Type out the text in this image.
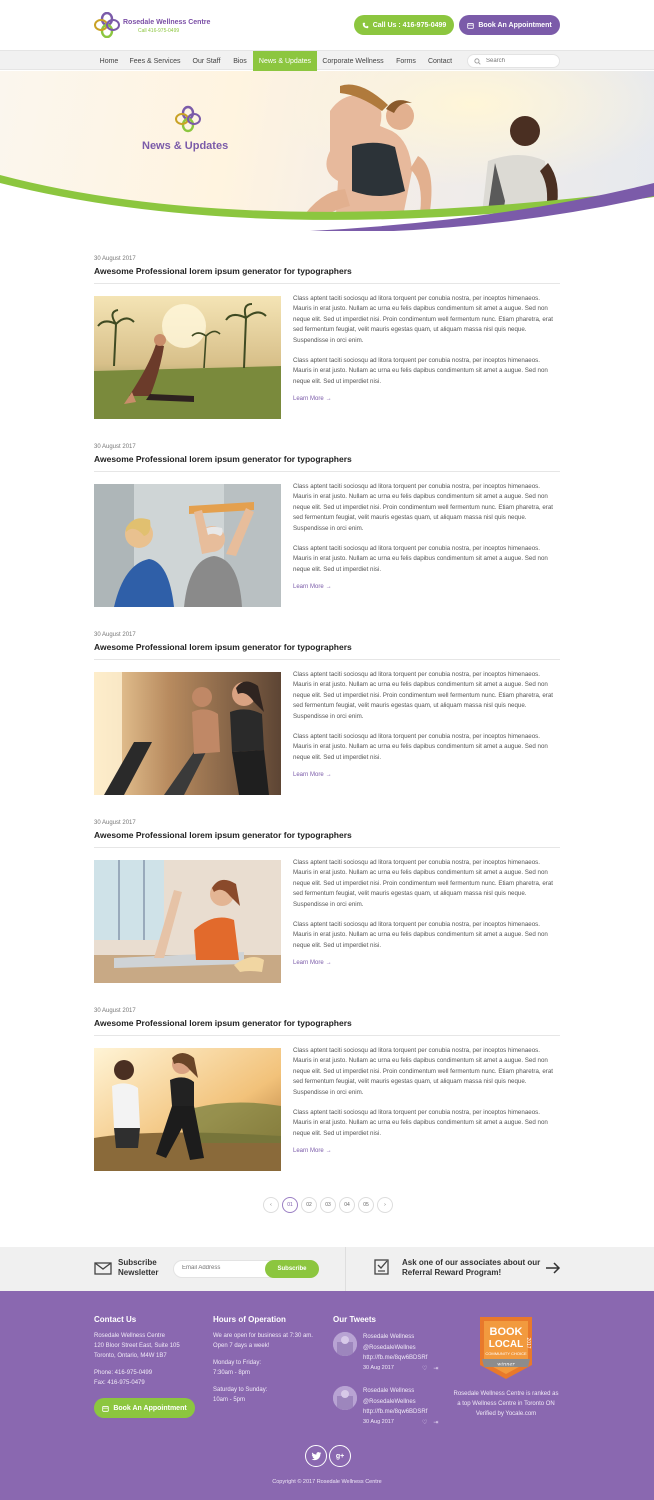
Rosedale Wellness Centre
Call 416-975-0499
Call Us : 416-975-0499	Book An Appointment
Home	Fees & Services	Our Staff	Bios	News & Updates	Corporate Wellness	Forms	Contact
Search
News & Updates
30 August 2017
Awesome Professional lorem ipsum generator for typographers

Class aptent taciti sociosqu ad litora torquent per conubia nostra, per inceptos himenaeos. Mauris in erat justo. Nullam ac urna eu felis dapibus condimentum sit amet a augue. Sed non neque elit. Sed ut imperdiet nisi. Proin condimentum well fermentum nunc. Etiam pharetra, erat sed fermentum feugiat, velit mauris egestas quam, ut aliquam massa nisl quis neque. Suspendisse in orci enim.

Class aptent taciti sociosqu ad litora torquent per conubia nostra, per inceptos himenaeos. Mauris in erat justo. Nullam ac urna eu felis dapibus condimentum sit amet a augue. Sed non neque elit. Sed ut imperdiet nisi.

Learn More →
30 August 2017
Awesome Professional lorem ipsum generator for typographers

Class aptent taciti sociosqu ad litora torquent per conubia nostra, per inceptos himenaeos. Mauris in erat justo. Nullam ac urna eu felis dapibus condimentum sit amet a augue. Sed non neque elit. Sed ut imperdiet nisi. Proin condimentum well fermentum nunc. Etiam pharetra, erat sed fermentum feugiat, velit mauris egestas quam, ut aliquam massa nisl quis neque. Suspendisse in orci enim.

Class aptent taciti sociosqu ad litora torquent per conubia nostra, per inceptos himenaeos. Mauris in erat justo. Nullam ac urna eu felis dapibus condimentum sit amet a augue. Sed non neque elit. Sed ut imperdiet nisi.

Learn More →
30 August 2017
Awesome Professional lorem ipsum generator for typographers

Class aptent taciti sociosqu ad litora torquent per conubia nostra, per inceptos himenaeos. Mauris in erat justo. Nullam ac urna eu felis dapibus condimentum sit amet a augue. Sed non neque elit. Sed ut imperdiet nisi. Proin condimentum well fermentum nunc. Etiam pharetra, erat sed fermentum feugiat, velit mauris egestas quam, ut aliquam massa nisl quis neque. Suspendisse in orci enim.

Class aptent taciti sociosqu ad litora torquent per conubia nostra, per inceptos himenaeos. Mauris in erat justo. Nullam ac urna eu felis dapibus condimentum sit amet a augue. Sed non neque elit. Sed ut imperdiet nisi.

Learn More →
30 August 2017
Awesome Professional lorem ipsum generator for typographers

Class aptent taciti sociosqu ad litora torquent per conubia nostra, per inceptos himenaeos. Mauris in erat justo. Nullam ac urna eu felis dapibus condimentum sit amet a augue. Sed non neque elit. Sed ut imperdiet nisi. Proin condimentum well fermentum nunc. Etiam pharetra, erat sed fermentum feugiat, velit mauris egestas quam, ut aliquam massa nisl quis neque. Suspendisse in orci enim.

Class aptent taciti sociosqu ad litora torquent per conubia nostra, per inceptos himenaeos. Mauris in erat justo. Nullam ac urna eu felis dapibus condimentum sit amet a augue. Sed non neque elit. Sed ut imperdiet nisi.

Learn More →
30 August 2017
Awesome Professional lorem ipsum generator for typographers

Class aptent taciti sociosqu ad litora torquent per conubia nostra, per inceptos himenaeos. Mauris in erat justo. Nullam ac urna eu felis dapibus condimentum sit amet a augue. Sed non neque elit. Sed ut imperdiet nisi. Proin condimentum well fermentum nunc. Etiam pharetra, erat sed fermentum feugiat, velit mauris egestas quam, ut aliquam massa nisl quis neque. Suspendisse in orci enim.

Class aptent taciti sociosqu ad litora torquent per conubia nostra, per inceptos himenaeos. Mauris in erat justo. Nullam ac urna eu felis dapibus condimentum sit amet a augue. Sed non neque elit. Sed ut imperdiet nisi.

Learn More →
‹	01	02	03	04	05	›
Subscribe Newsletter
Email Address	Subscribe
Ask one of our associates about our Referral Reward Program!
Contact Us
Rosedale Wellness Centre
120 Bloor Street East, Suite 105
Toronto, Ontario, M4W 1B7
Phone: 416-975-0499
Fax: 416-975-0479
Book An Appointment
Hours of Operation
We are open for business at 7:30 am. Open 7 days a week!
Monday to Friday:
7:30am - 8pm
Saturday to Sunday:
10am - 5pm
Our Tweets
Rosedale Wellness
@RosedaleWellnes
http://fb.me/8qw6BDSRf
30 Aug 2017	♡ ⇥
Rosedale Wellness
@RosedaleWellnes
http://fb.me/8qw6BDSRf
30 Aug 2017	♡ ⇥
BOOK
LOCAL
COMMUNITY CHOICE
2017
winner
Rosedale Wellness Centre is ranked as a top Wellness Centre in Toronto ON Verified by Yocale.com
g+
Copyright © 2017 Rosedale Wellness Centre
